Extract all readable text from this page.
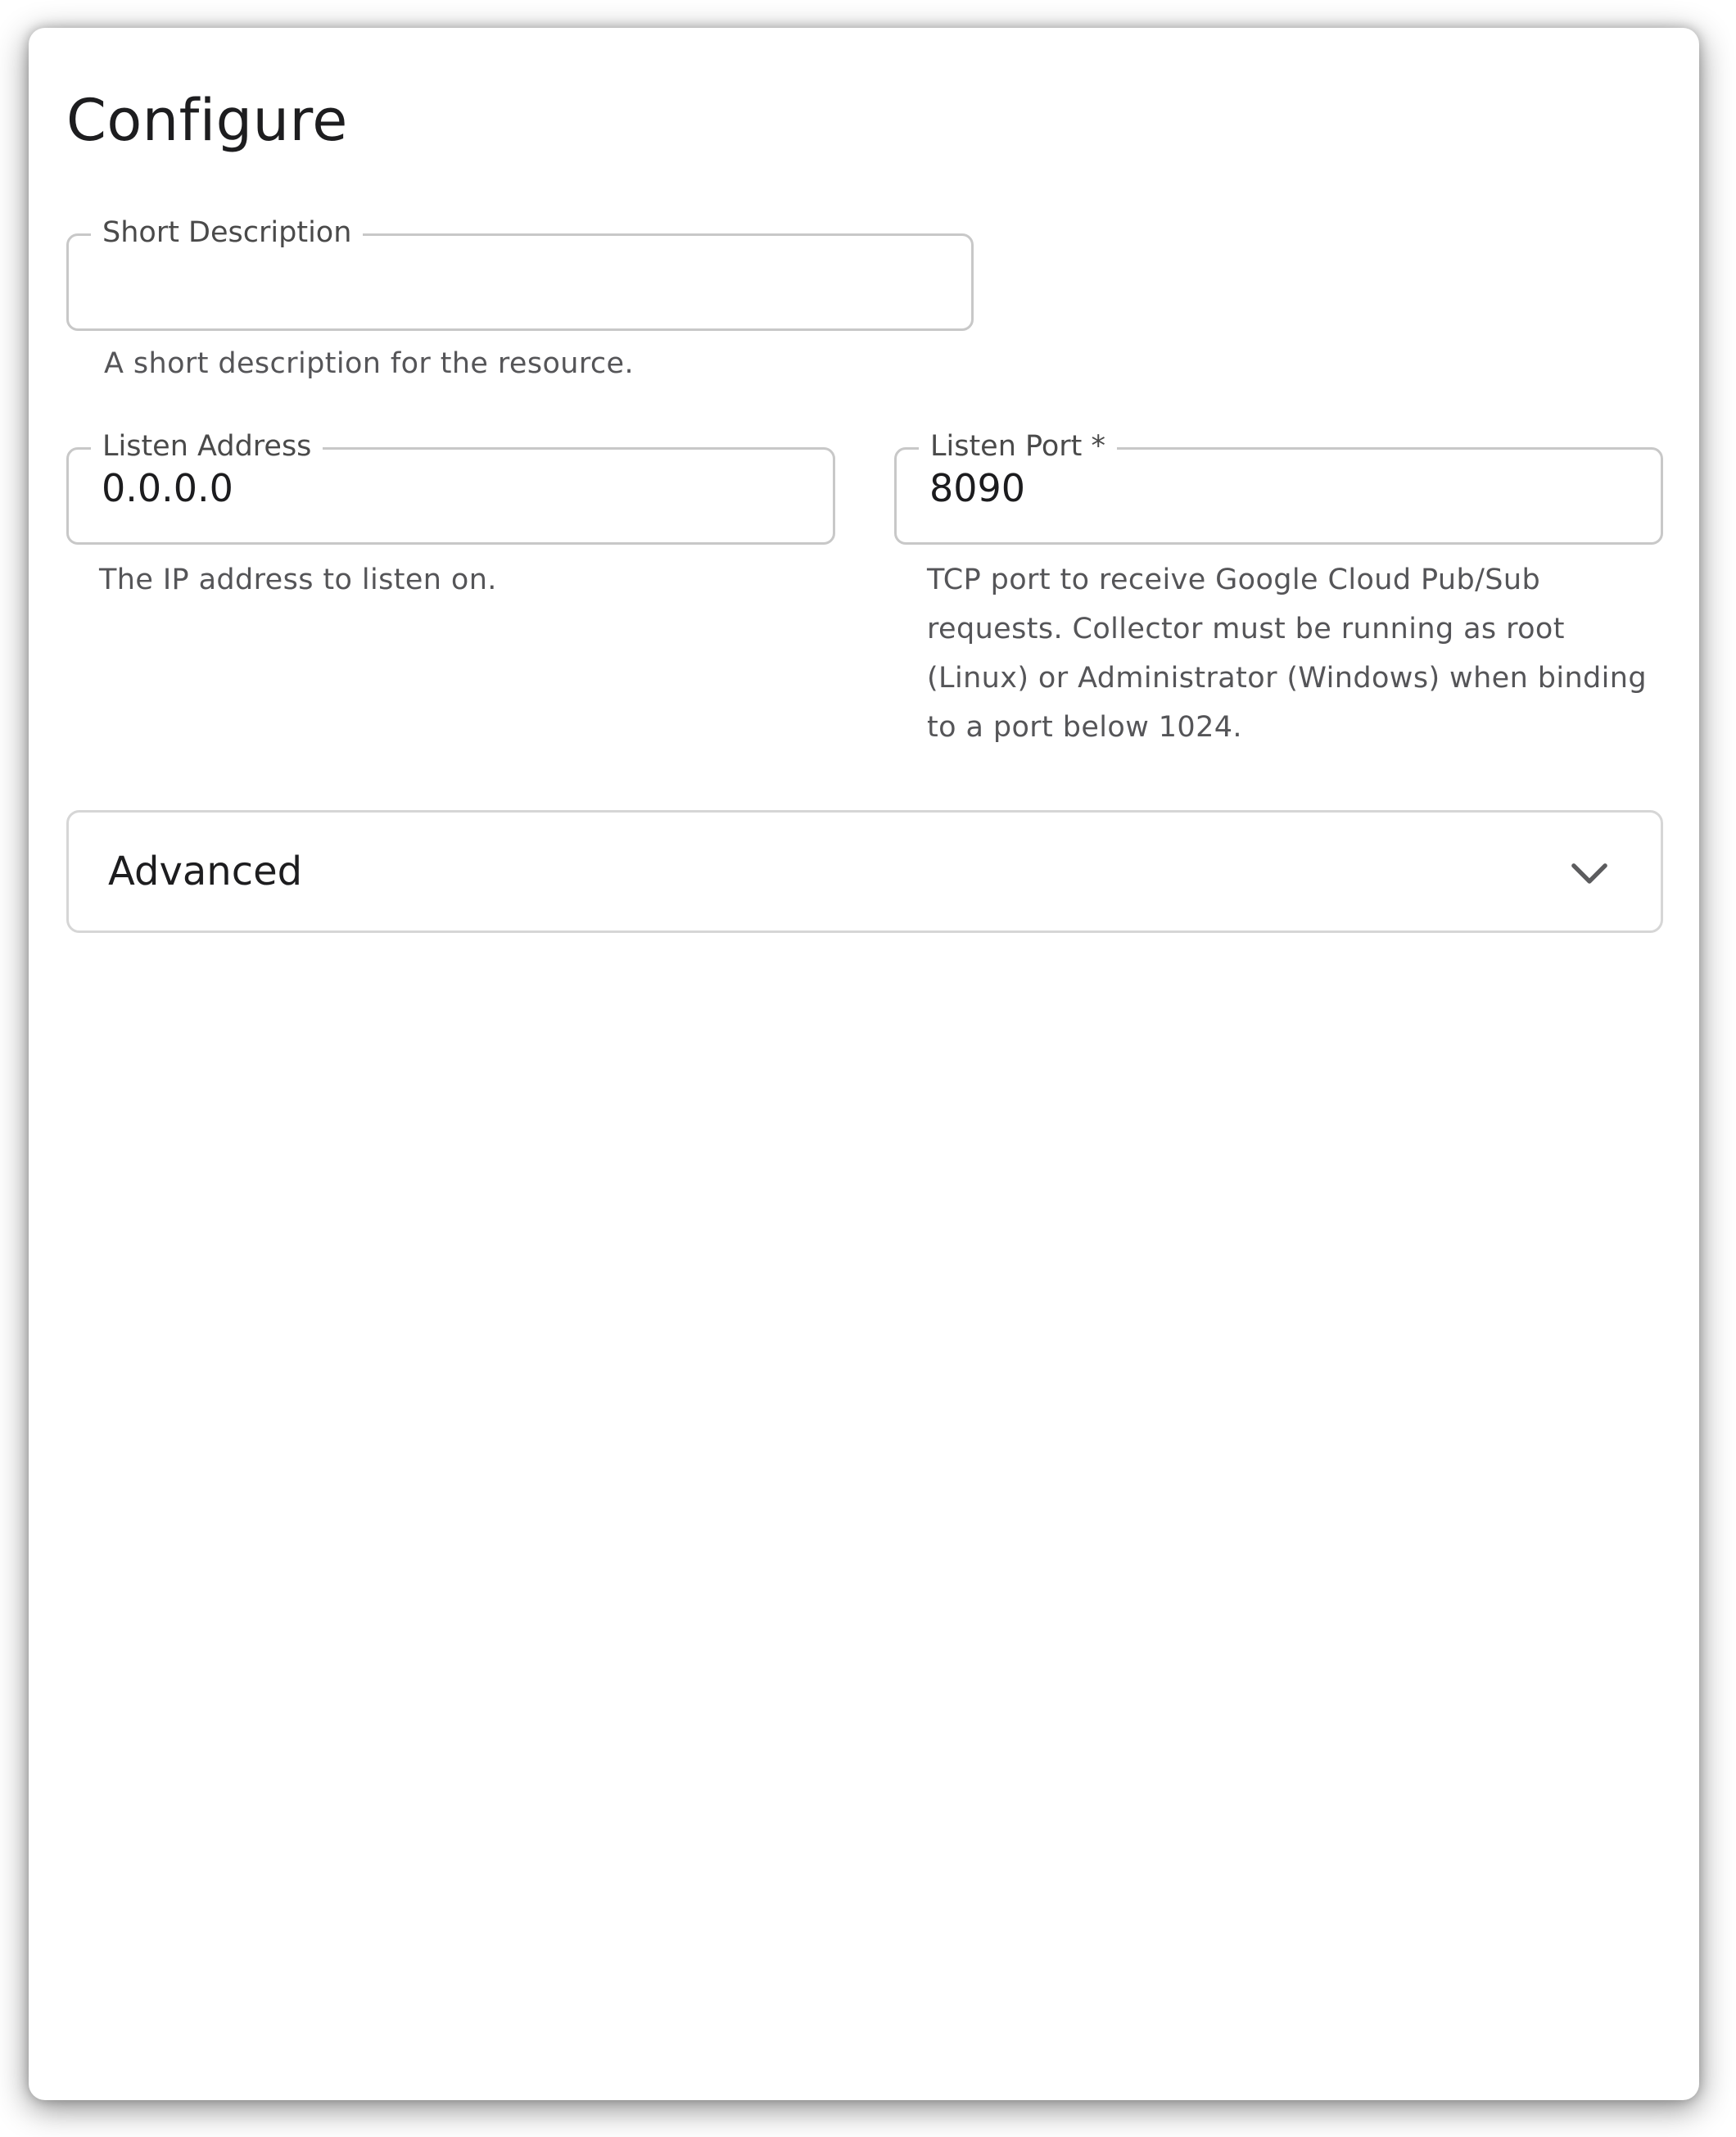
Configure
Short Description
A short description for the resource.
Listen Address
0.0.0.0
The IP address to listen on.
Listen Port *
8090
TCP port to receive Google Cloud Pub/Sub requests. Collector must be running as root (Linux) or Administrator (Windows) when binding to a port below 1024.
Advanced
